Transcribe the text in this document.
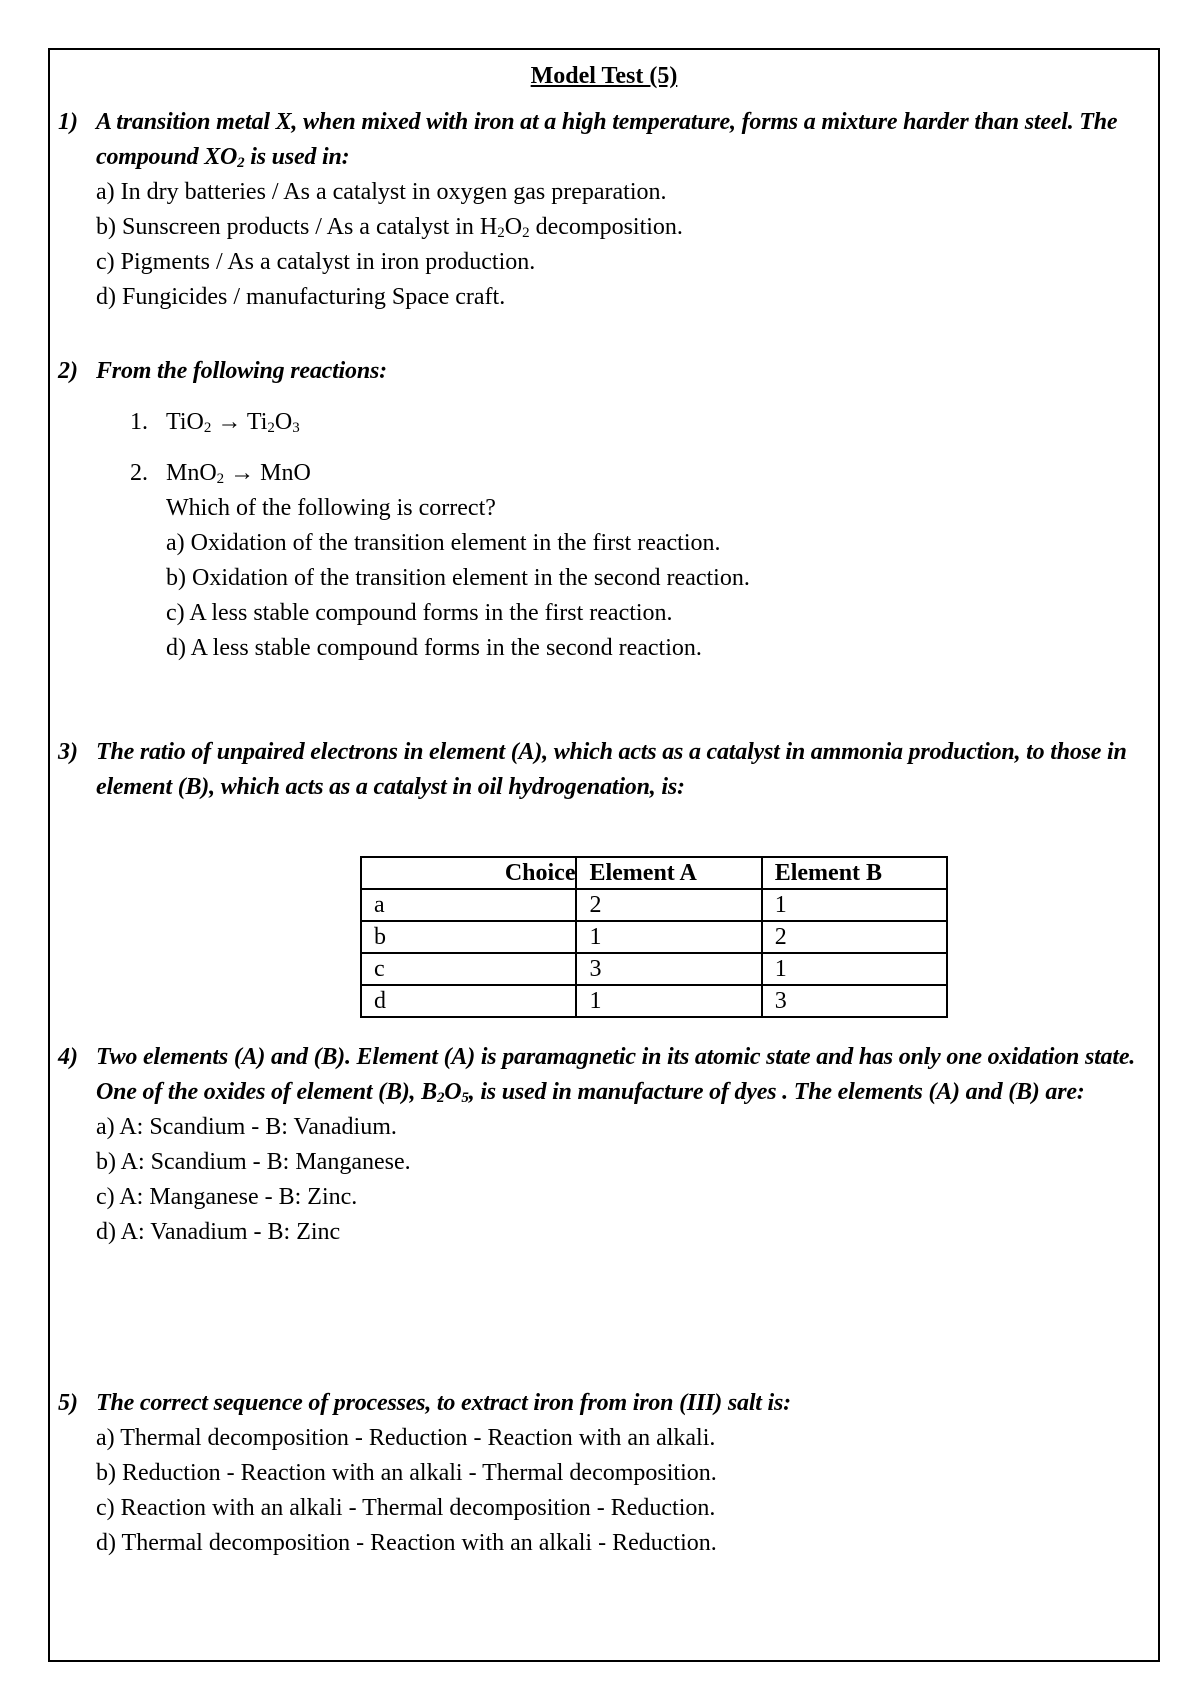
Model Test (5)
1) A transition metal X, when mixed with iron at a high temperature, forms a mixture harder than steel. The compound $XO_2$ is used in:
a) In dry batteries / As a catalyst in oxygen gas preparation.
b) Sunscreen products / As a catalyst in $H_2O_2$ decomposition.
c) Pigments / As a catalyst in iron production.
d) Fungicides / manufacturing Space craft.
2) From the following reactions:
1. $TiO_2 \to Ti_2O_3$
2. MnO$_2$ → MnO
Which of the following is correct?
a) Oxidation of the transition element in the first reaction.
b) Oxidation of the transition element in the second reaction.
c) A less stable compound forms in the first reaction.
d) A less stable compound forms in the second reaction.
3) The ratio of unpaired electrons in element (A), which acts as a catalyst in ammonia production, to those in element (B), which acts as a catalyst in oil hydrogenation, is:
Choice	Element A	Element B
a	2	1
b	1	2
c	3	1
d	1	3
4) Two elements (A) and (B). Element (A) is paramagnetic in its atomic state and has only one oxidation state. One of the oxides of element (B), $B_2O_5$, is used in manufacture of dyes . The elements (A) and (B) are:
a) A: Scandium - B: Vanadium.
b) A: Scandium - B: Manganese.
c) A: Manganese - B: Zinc.
d) A: Vanadium - B: Zinc
5) The correct sequence of processes, to extract iron from iron (III) salt is:
a) Thermal decomposition - Reduction - Reaction with an alkali.
b) Reduction - Reaction with an alkali - Thermal decomposition.
c) Reaction with an alkali - Thermal decomposition - Reduction.
d) Thermal decomposition - Reaction with an alkali - Reduction.
